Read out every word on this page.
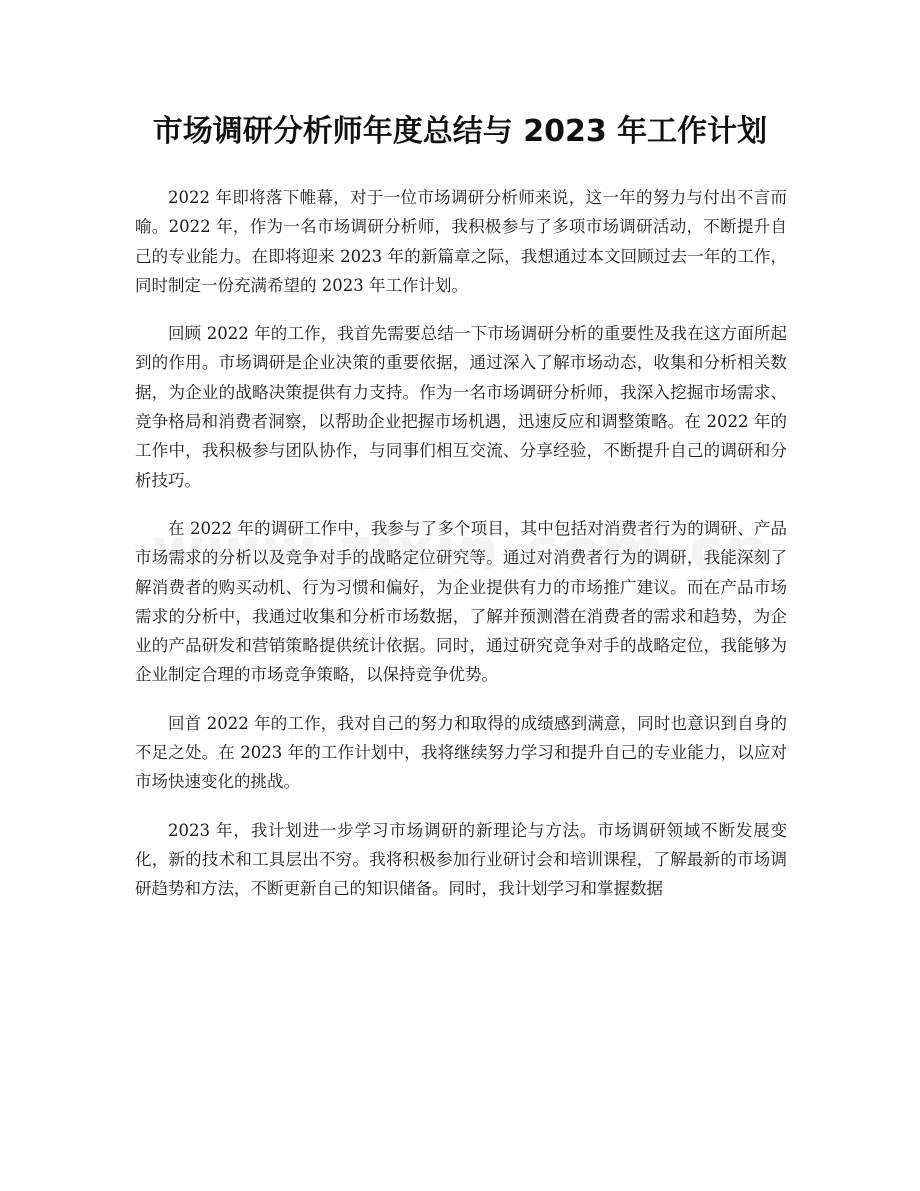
市场调研分析师年度总结与 2023 年工作计划

2022 年即将落下帷幕，对于一位市场调研分析师来说，这一年的努力与付出不言而喻。2022 年，作为一名市场调研分析师，我积极参与了多项市场调研活动，不断提升自己的专业能力。在即将迎来 2023 年的新篇章之际，我想通过本文回顾过去一年的工作，同时制定一份充满希望的 2023 年工作计划。

回顾 2022 年的工作，我首先需要总结一下市场调研分析的重要性及我在这方面所起到的作用。市场调研是企业决策的重要依据，通过深入了解市场动态，收集和分析相关数据，为企业的战略决策提供有力支持。作为一名市场调研分析师，我深入挖掘市场需求、竞争格局和消费者洞察，以帮助企业把握市场机遇，迅速反应和调整策略。在 2022 年的工作中，我积极参与团队协作，与同事们相互交流、分享经验，不断提升自己的调研和分析技巧。

在 2022 年的调研工作中，我参与了多个项目，其中包括对消费者行为的调研、产品市场需求的分析以及竞争对手的战略定位研究等。通过对消费者行为的调研，我能深刻了解消费者的购买动机、行为习惯和偏好，为企业提供有力的市场推广建议。而在产品市场需求的分析中，我通过收集和分析市场数据，了解并预测潜在消费者的需求和趋势，为企业的产品研发和营销策略提供统计依据。同时，通过研究竞争对手的战略定位，我能够为企业制定合理的市场竞争策略，以保持竞争优势。

回首 2022 年的工作，我对自己的努力和取得的成绩感到满意，同时也意识到自身的不足之处。在 2023 年的工作计划中，我将继续努力学习和提升自己的专业能力，以应对市场快速变化的挑战。

2023 年，我计划进一步学习市场调研的新理论与方法。市场调研领域不断发展变化，新的技术和工具层出不穷。我将积极参加行业研讨会和培训课程，了解最新的市场调研趋势和方法，不断更新自己的知识储备。同时，我计划学习和掌握数据
